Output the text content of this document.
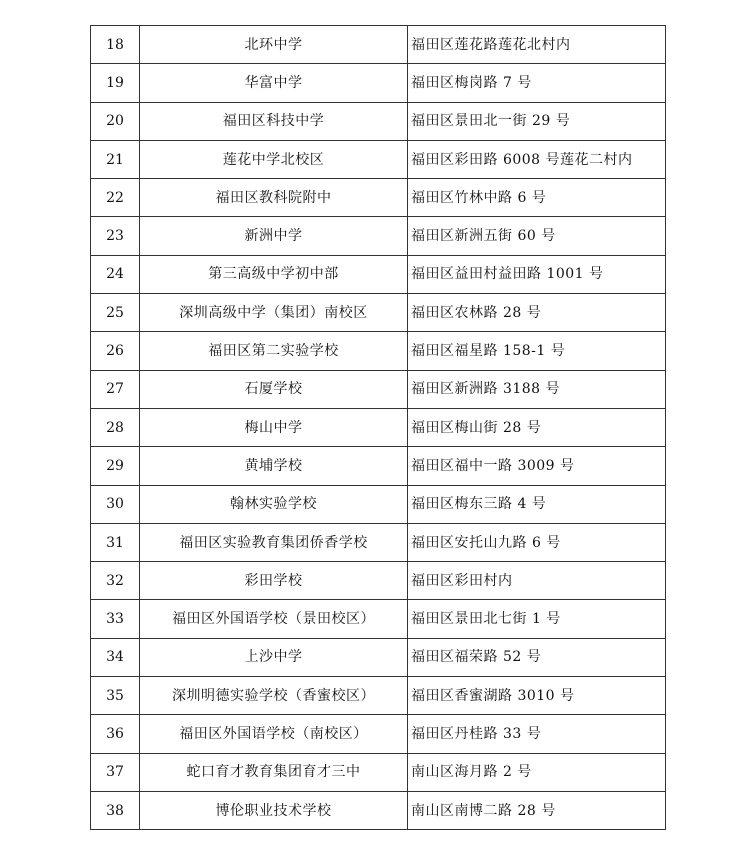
18	北环中学	福田区莲花路莲花北村内
19	华富中学	福田区梅岗路 7 号
20	福田区科技中学	福田区景田北一街 29 号
21	莲花中学北校区	福田区彩田路 6008 号莲花二村内
22	福田区教科院附中	福田区竹林中路 6 号
23	新洲中学	福田区新洲五街 60 号
24	第三高级中学初中部	福田区益田村益田路 1001 号
25	深圳高级中学（集团）南校区	福田区农林路 28 号
26	福田区第二实验学校	福田区福星路 158-1 号
27	石厦学校	福田区新洲路 3188 号
28	梅山中学	福田区梅山街 28 号
29	黄埔学校	福田区福中一路 3009 号
30	翰林实验学校	福田区梅东三路 4 号
31	福田区实验教育集团侨香学校	福田区安托山九路 6 号
32	彩田学校	福田区彩田村内
33	福田区外国语学校（景田校区）	福田区景田北七街 1 号
34	上沙中学	福田区福荣路 52 号
35	深圳明德实验学校（香蜜校区）	福田区香蜜湖路 3010 号
36	福田区外国语学校（南校区）	福田区丹桂路 33 号
37	蛇口育才教育集团育才三中	南山区海月路 2 号
38	博伦职业技术学校	南山区南博二路 28 号
